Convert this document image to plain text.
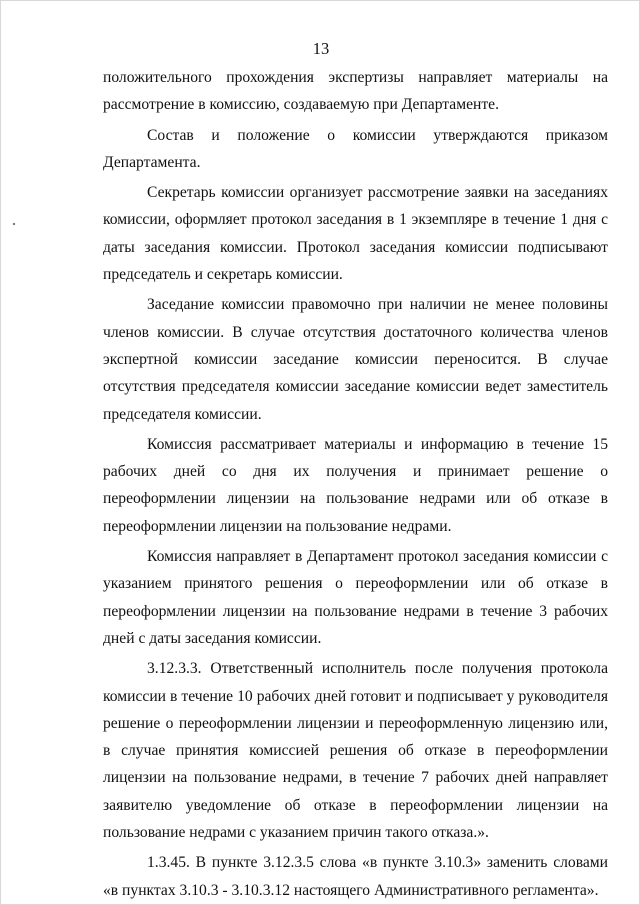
13

положительного прохождения экспертизы направляет материалы на рассмотрение в комиссию, создаваемую при Департаменте.

Состав и положение о комиссии утверждаются приказом Департамента.

Секретарь комиссии организует рассмотрение заявки на заседаниях комиссии, оформляет протокол заседания в 1 экземпляре в течение 1 дня с даты заседания комиссии. Протокол заседания комиссии подписывают председатель и секретарь комиссии.

Заседание комиссии правомочно при наличии не менее половины членов комиссии. В случае отсутствия достаточного количества членов экспертной комиссии заседание комиссии переносится. В случае отсутствия председателя комиссии заседание комиссии ведет заместитель председателя комиссии.

Комиссия рассматривает материалы и информацию в течение 15 рабочих дней со дня их получения и принимает решение о переоформлении лицензии на пользование недрами или об отказе в переоформлении лицензии на пользование недрами.

Комиссия направляет в Департамент протокол заседания комиссии с указанием принятого решения о переоформлении или об отказе в переоформлении лицензии на пользование недрами в течение 3 рабочих дней с даты заседания комиссии.

3.12.3.3. Ответственный исполнитель после получения протокола комиссии в течение 10 рабочих дней готовит и подписывает у руководителя решение о переоформлении лицензии и переоформленную лицензию или, в случае принятия комиссией решения об отказе в переоформлении лицензии на пользование недрами, в течение 7 рабочих дней направляет заявителю уведомление об отказе в переоформлении лицензии на пользование недрами с указанием причин такого отказа.».

1.3.45. В пункте 3.12.3.5 слова «в пункте 3.10.3» заменить словами «в пунктах 3.10.3 - 3.10.3.12 настоящего Административного регламента».
